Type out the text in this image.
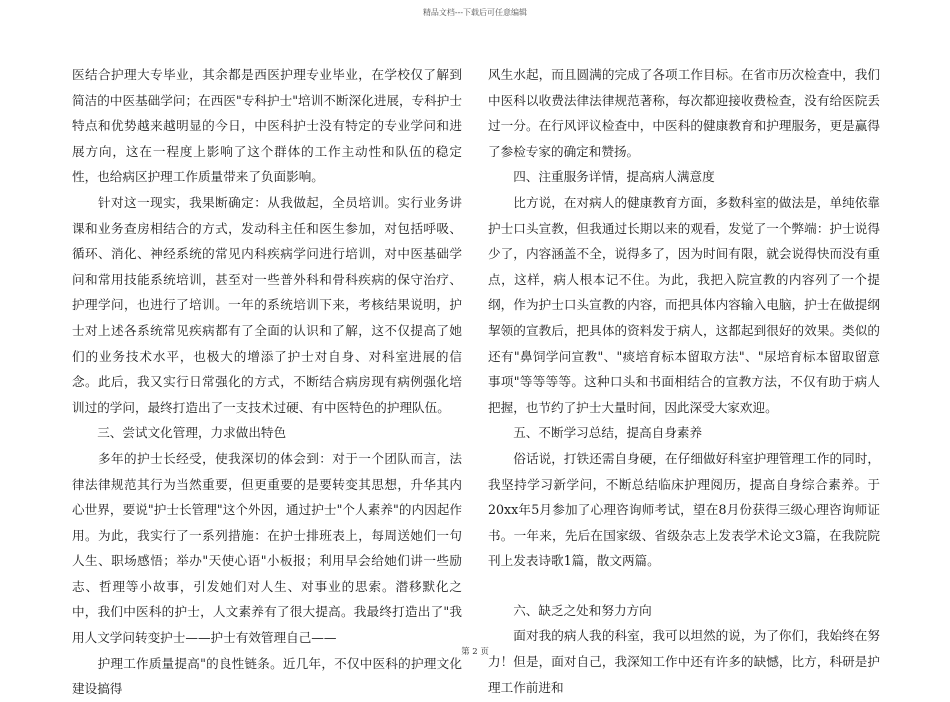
精品文档---下载后可任意编辑

医结合护理大专毕业，其余都是西医护理专业毕业，在学校仅了解到简洁的中医基础学问；在西医"专科护士"培训不断深化进展，专科护士特点和优势越来越明显的今日，中医科护士没有特定的专业学问和进展方向，这在一程度上影响了这个群体的工作主动性和队伍的稳定性，也给病区护理工作质量带来了负面影响。

　　针对这一现实，我果断确定：从我做起，全员培训。实行业务讲课和业务查房相结合的方式，发动科主任和医生参加，对包括呼吸、循环、消化、神经系统的常见内科疾病学问进行培训，对中医基础学问和常用技能系统培训，甚至对一些普外科和骨科疾病的保守治疗、护理学问，也进行了培训。一年的系统培训下来，考核结果说明，护士对上述各系统常见疾病都有了全面的认识和了解，这不仅提高了她们的业务技术水平，也极大的增添了护士对自身、对科室进展的信念。此后，我又实行日常强化的方式，不断结合病房现有病例强化培训过的学问，最终打造出了一支技术过硬、有中医特色的护理队伍。

　　三、尝试文化管理，力求做出特色

　　多年的护士长经受，使我深切的体会到：对于一个团队而言，法律法律规范其行为当然重要，但更重要的是要转变其思想，升华其内心世界，要说"护士长管理"这个外因，通过护士"个人素养"的内因起作用。为此，我实行了一系列措施：在护士排班表上，每周送她们一句人生、职场感悟；举办"天使心语"小板报；利用早会给她们讲一些励志、哲理等小故事，引发她们对人生、对事业的思索。潜移默化之中，我们中医科的护士，人文素养有了很大提高。我最终打造出了"我用人文学问转变护士——护士有效管理自己——

　　护理工作质量提高"的良性链条。近几年，不仅中医科的护理文化建设搞得

风生水起，而且圆满的完成了各项工作目标。在省市历次检查中，我们中医科以收费法律法律规范著称，每次都迎接收费检查，没有给医院丢过一分。在行风评议检查中，中医科的健康教育和护理服务，更是赢得了参检专家的确定和赞扬。

　　四、注重服务详情，提高病人满意度

　　比方说，在对病人的健康教育方面，多数科室的做法是，单纯依靠护士口头宣教，但我通过长期以来的观看，发觉了一个弊端：护士说得少了，内容涵盖不全，说得多了，因为时间有限，就会说得快而没有重点，这样，病人根本记不住。为此，我把入院宣教的内容列了一个提纲，作为护士口头宣教的内容，而把具体内容输入电脑，护士在做提纲挈领的宣教后，把具体的资料发于病人，这都起到很好的效果。类似的还有"鼻饲学问宣教"、"痰培育标本留取方法"、"尿培育标本留取留意事项"等等等等。这种口头和书面相结合的宣教方法，不仅有助于病人把握，也节约了护士大量时间，因此深受大家欢迎。

　　五、不断学习总结，提高自身素养

　　俗话说，打铁还需自身硬，在仔细做好科室护理管理工作的同时，我坚持学习新学问，不断总结临床护理阅历，提高自身综合素养。于20xx年5月参加了心理咨询师考试，望在8月份获得三级心理咨询师证书。一年来，先后在国家级、省级杂志上发表学术论文3篇，在我院院刊上发表诗歌1篇，散文两篇。

　　六、缺乏之处和努力方向

　　面对我的病人我的科室，我可以坦然的说，为了你们，我始终在努力！但是，面对自己，我深知工作中还有许多的缺憾，比方，科研是护理工作前进和

第 2 页
